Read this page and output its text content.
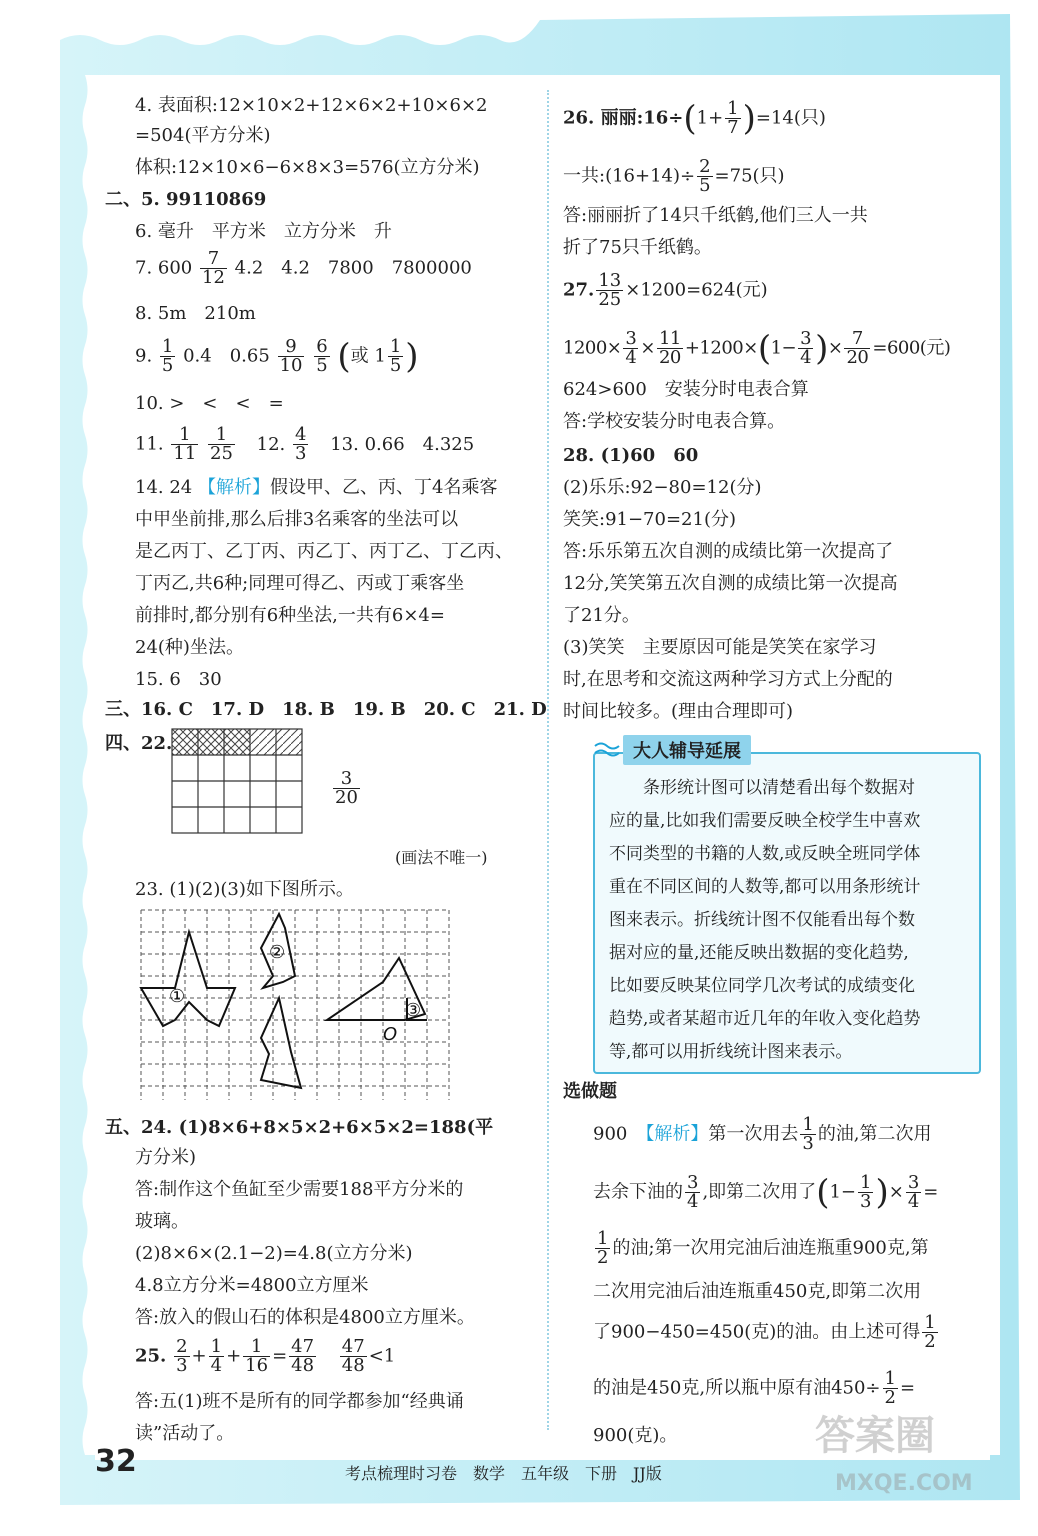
4. 表面积:12×10×2+12×6×2+10×6×2
=504(平方分米)
体积:12×10×6−6×8×3=576(立方分米)
二、5. 99110869
6. 毫升　平方米　立方分米　升
7. $600 \frac{7}{12} 4.2$　4.2　7800　7800000
8. 5m　210m
9. $\frac{1}{5} 0.4$　$0.65 \frac{9}{10}$
$\frac{6}{5}$ (或 $1 \frac{1}{5}$ )
10. >　<　<　=
11. $\frac{1}{11}$
$\frac{1}{25} 12$. $\frac{4}{3} 13$. 0.66　4.325
14. 24 【解析】假设甲、乙、丙、丁4名乘客
中甲坐前排,那么后排3名乘客的坐法可以
是乙丙丁、乙丁丙、丙乙丁、丙丁乙、丁乙丙、
丁丙乙,共6种;同理可得乙、丙或丁乘客坐
前排时,都分别有6种坐法,一共有6×4=
24(种)坐法。
15. 6　30
三、16. C　17. D　18. B　19. B　20. C　21. D
四、22.
$\frac{3}{20}$
(画法不唯一)
23. (1)(2)(3)如下图所示。
①
②
③
O
五、24. (1)8×6+8×5×2+6×5×2=188(平
方分米)
答:制作这个鱼缸至少需要188平方分米的
玻璃。
(2)8×6×(2.1−2)=4.8(立方分米)
4.8立方分米=4800立方厘米
答:放入的假山石的体积是4800立方厘米。
25. $\frac{2}{3} + \frac{1}{4} + \frac{1}{16} = \frac{47}{48}$
$\frac{47}{48} <1$
答:五(1)班不是所有的同学都参加“经典诵
读”活动了。
26. 丽丽:16÷(1+ $\frac{1}{7} )=14$(只)
一共:(16+14)÷ $\frac{2}{5} =75$(只)
答:丽丽折了14只千纸鹤,他们三人一共
折了75只千纸鹤。
27. $\frac{13}{25} \times 1200=624$(元)
$1200\times \frac{3}{4} \times \frac{11}{20} +1200\times(1- \frac{3}{4}$ )× $\frac{7}{20} =600$(元)
624>600　安装分时电表合算
答:学校安装分时电表合算。
28. (1)60　60
(2)乐乐:92−80=12(分)
笑笑:91−70=21(分)
答:乐乐第五次自测的成绩比第一次提高了
12分,笑笑第五次自测的成绩比第一次提高
了21分。
(3)笑笑　主要原因可能是笑笑在家学习
时,在思考和交流这两种学习方式上分配的
时间比较多。(理由合理即可)
　　条形统计图可以清楚看出每个数据对
应的量,比如我们需要反映全校学生中喜欢
不同类型的书籍的人数,或反映全班同学体
重在不同区间的人数等,都可以用条形统计
图来表示。折线统计图不仅能看出每个数
据对应的量,还能反映出数据的变化趋势,
比如要反映某位同学几次考试的成绩变化
趋势,或者某超市近几年的年收入变化趋势
等,都可以用折线统计图来表示。
大人辅导延展
选做题
900　 【解析】第一次用去 $\frac{1}{3}$ 的油,第二次用
去余下油的 $\frac{3}{4}$ ,即第二次用了($1- \frac{1}{3}$ )× $\frac{3}{4}$ =
$\frac{1}{2}$ 的油;第一次用完油后油连瓶重900克,第
二次用完油后油连瓶重450克,即第二次用
了900−450=450(克)的油。由上述可得 $\frac{1}{2}$
的油是450克,所以瓶中原有油$450\div \frac{1}{2}$ =
900(克)。
32	考点梳理时习卷　数学　五年级　下册　JJ版
答案圈
MXQE.COM
